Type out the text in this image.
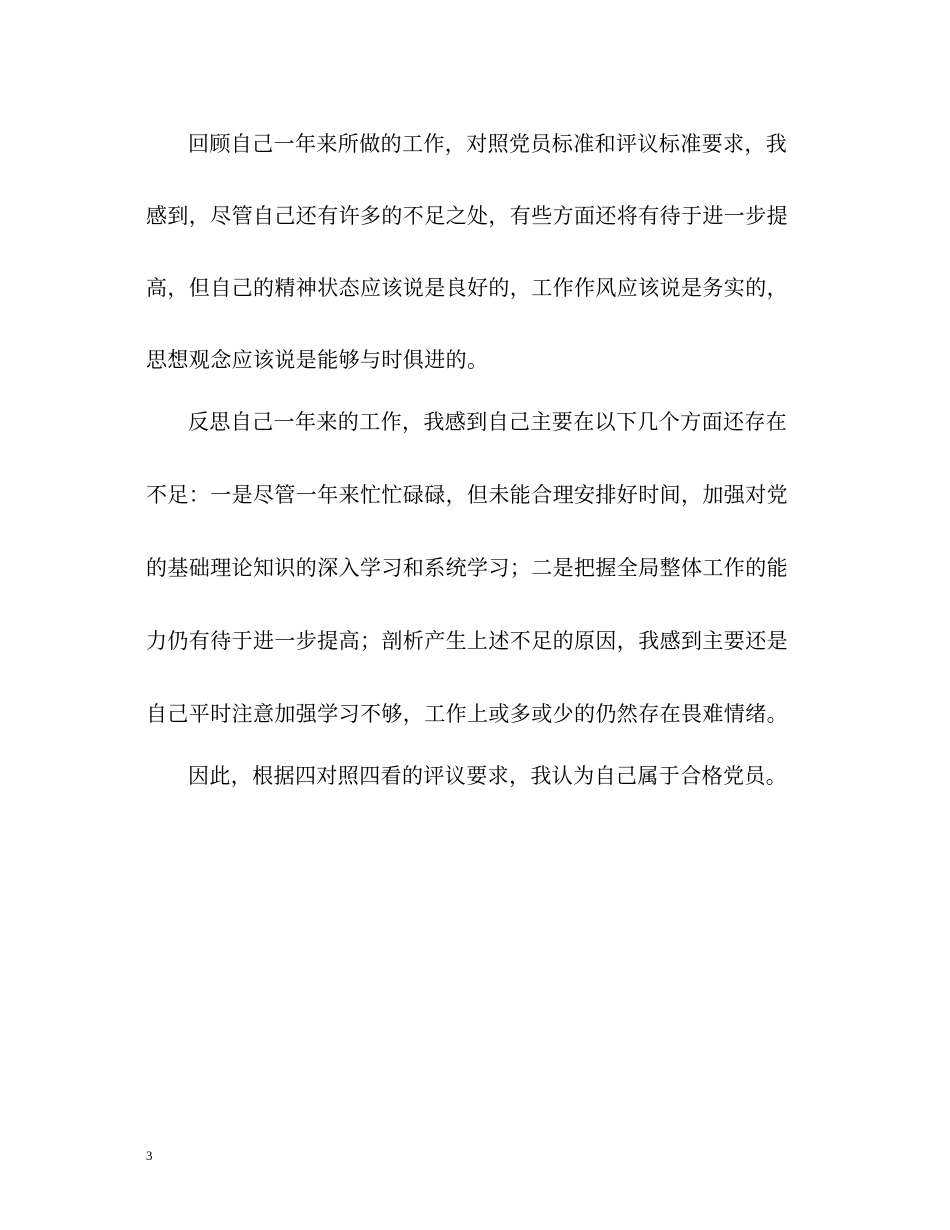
回顾自己一年来所做的工作，对照党员标准和评议标准要求，我
感到，尽管自己还有许多的不足之处，有些方面还将有待于进一步提
高，但自己的精神状态应该说是良好的，工作作风应该说是务实的，
思想观念应该说是能够与时俱进的。
反思自己一年来的工作，我感到自己主要在以下几个方面还存在
不足：一是尽管一年来忙忙碌碌，但未能合理安排好时间，加强对党
的基础理论知识的深入学习和系统学习；二是把握全局整体工作的能
力仍有待于进一步提高；剖析产生上述不足的原因，我感到主要还是
自己平时注意加强学习不够，工作上或多或少的仍然存在畏难情绪。
因此，根据四对照四看的评议要求，我认为自己属于合格党员。
3
